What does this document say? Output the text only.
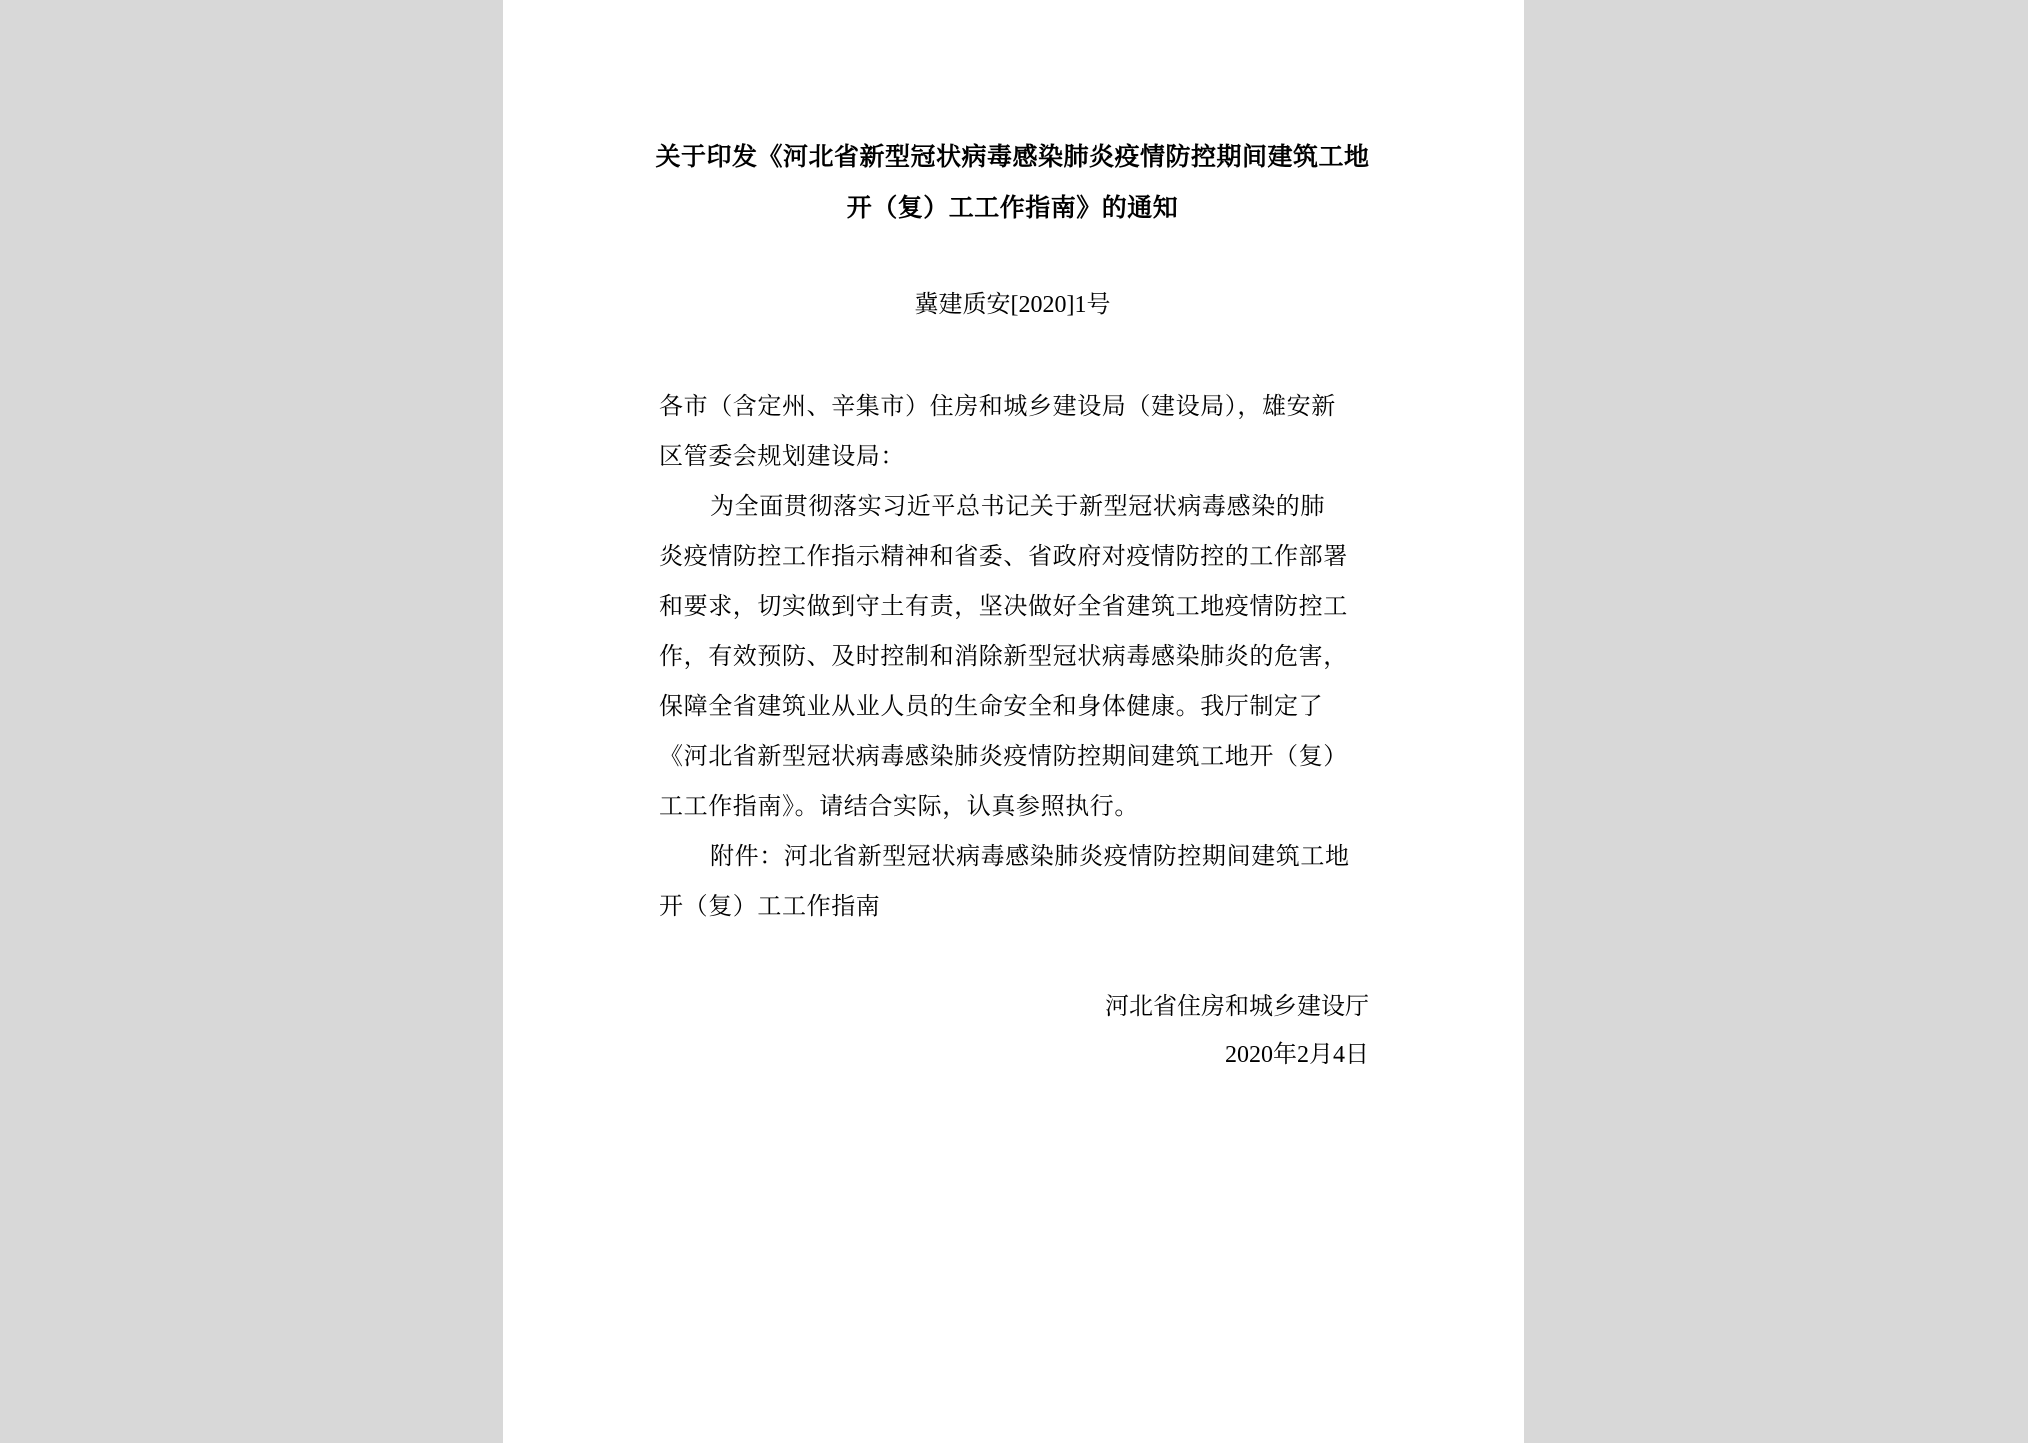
关于印发《河北省新型冠状病毒感染肺炎疫情防控期间建筑工地
开（复）工工作指南》的通知
冀建质安[2020]1号
各市（含定州、辛集市）住房和城乡建设局（建设局），雄安新
区管委会规划建设局：
为全面贯彻落实习近平总书记关于新型冠状病毒感染的肺
炎疫情防控工作指示精神和省委、省政府对疫情防控的工作部署
和要求，切实做到守土有责，坚决做好全省建筑工地疫情防控工
作，有效预防、及时控制和消除新型冠状病毒感染肺炎的危害，
保障全省建筑业从业人员的生命安全和身体健康。我厅制定了
《河北省新型冠状病毒感染肺炎疫情防控期间建筑工地开（复）
工工作指南》。请结合实际，认真参照执行。
附件：河北省新型冠状病毒感染肺炎疫情防控期间建筑工地
开（复）工工作指南
河北省住房和城乡建设厅
2020年2月4日
